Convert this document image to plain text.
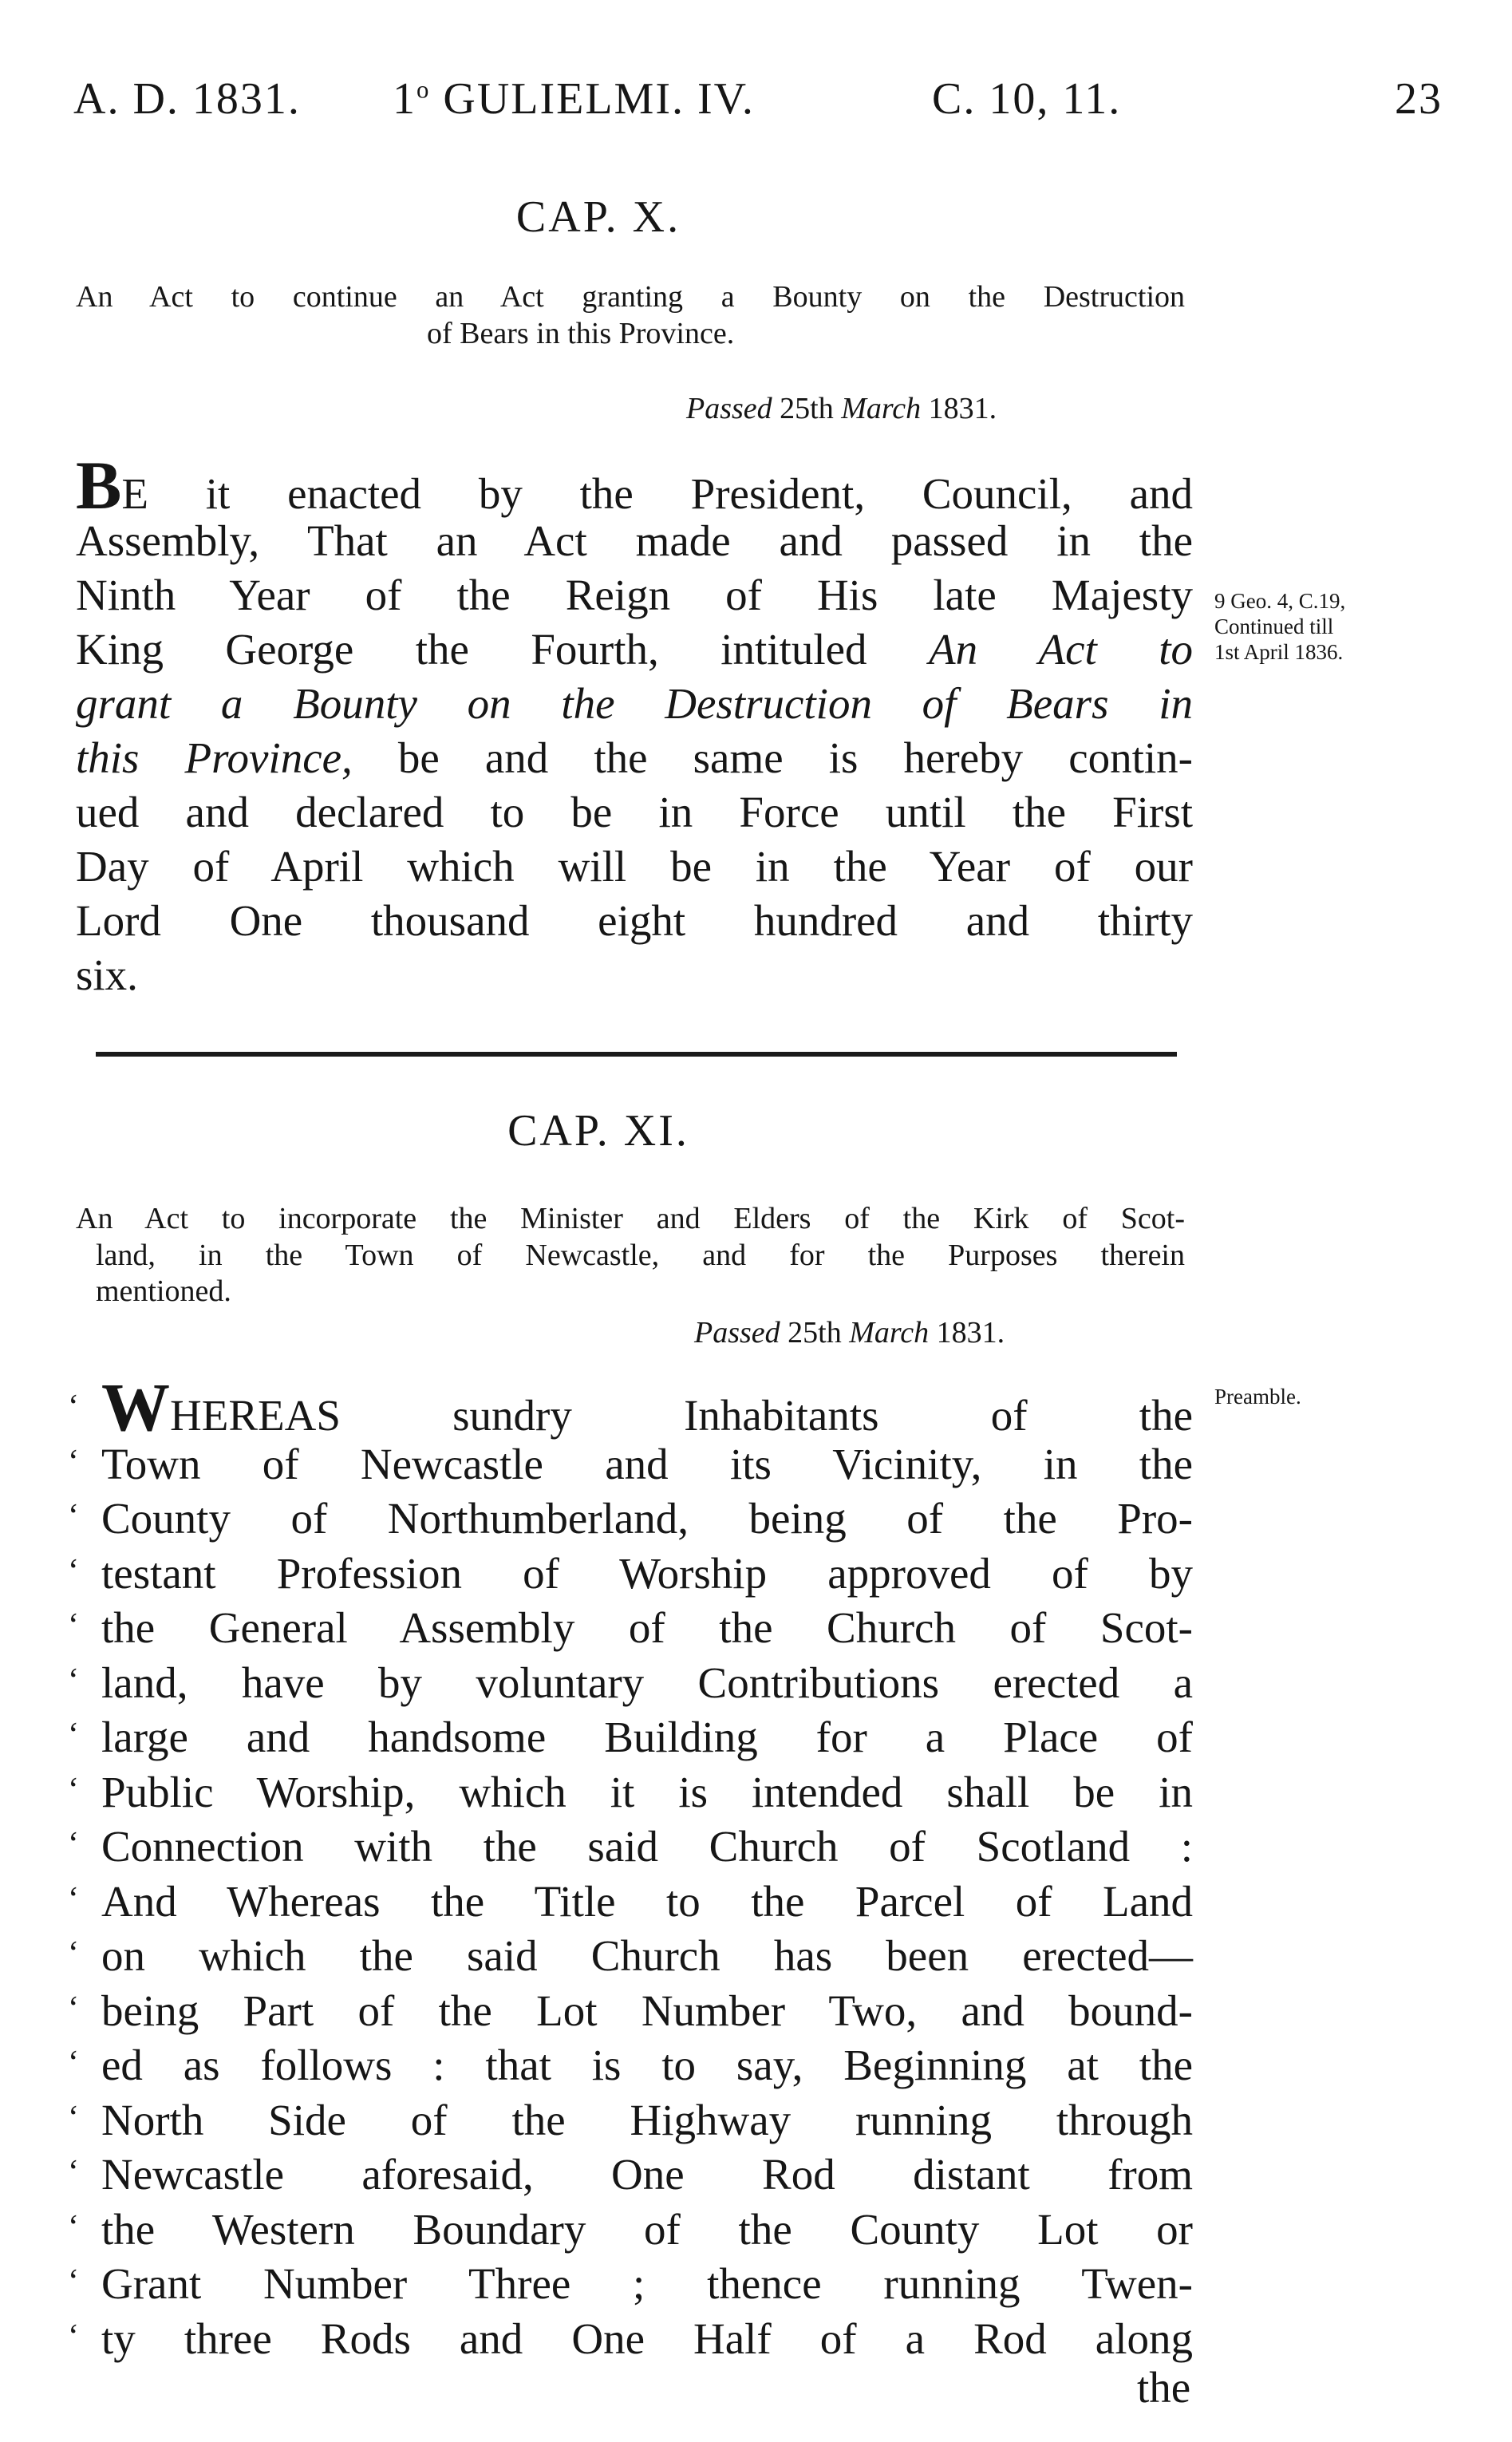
A. D. 1831. 1$^o$ GULIELMI. IV.	C. 10, 11.	23
CAP. X.
An Act to continue an Act granting a Bounty on the Destruction
of Bears in this Province.
Passed 25th March 1831.
BE it enacted by the President, Council, and
Assembly, That an Act made and passed in the
Ninth Year of the Reign of His late Majesty
King George the Fourth, intituled An Act to
grant a Bounty on the Destruction of Bears in
this Province, be and the same is hereby contin-
ued and declared to be in Force until the First
Day of April which will be in the Year of our
Lord One thousand eight hundred and thirty
six.
9 Geo. 4, C.19,
Continued till
1st April 1836.
CAP. XI.
An Act to incorporate the Minister and Elders of the Kirk of Scot-
land, in the Town of Newcastle, and for the Purposes therein
mentioned.
Passed 25th March 1831.
Preamble.
‘ WHEREAS sundry Inhabitants of the
‘ Town of Newcastle and its Vicinity, in the
‘ County of Northumberland, being of the Pro-
‘ testant Profession of Worship approved of by
‘ the General Assembly of the Church of Scot-
‘ land, have by voluntary Contributions erected a
‘ large and handsome Building for a Place of
‘ Public Worship, which it is intended shall be in
‘ Connection with the said Church of Scotland :
‘ And Whereas the Title to the Parcel of Land
‘ on which the said Church has been erected—
‘ being Part of the Lot Number Two, and bound-
‘ ed as follows : that is to say, Beginning at the
‘ North Side of the Highway running through
‘ Newcastle aforesaid, One Rod distant from
‘ the Western Boundary of the County Lot or
‘ Grant Number Three ; thence running Twen-
‘ ty three Rods and One Half of a Rod along
the
